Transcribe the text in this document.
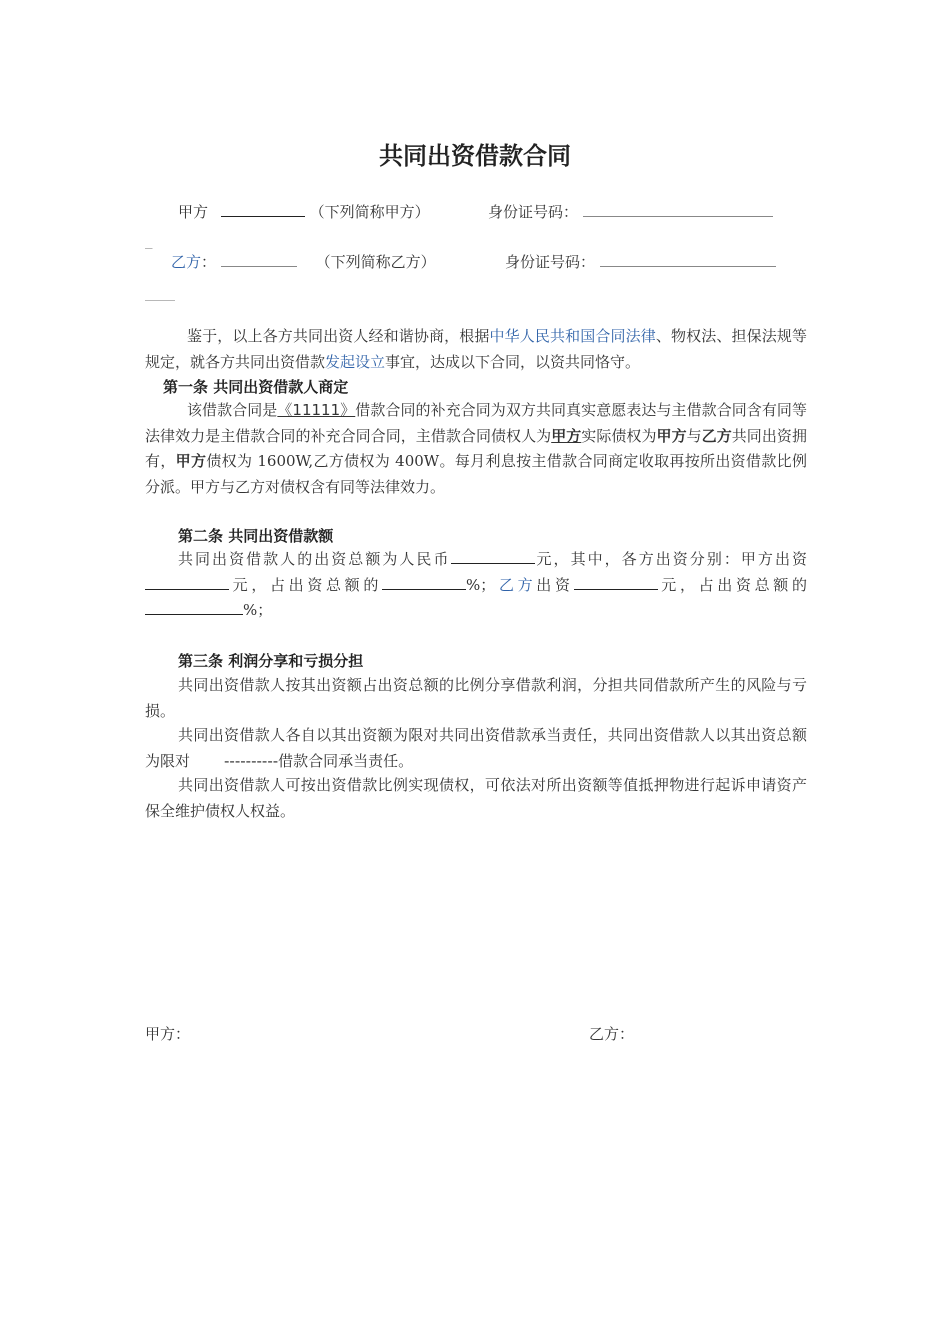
共同出资借款合同
甲方	（下列简称甲方）	身份证号码：
_
乙方：	（下列简称乙方）	身份证号码：
____
鉴于，以上各方共同出资人经和谐协商，根据中华人民共和国合同法律、物权法、担保法规等规定，就各方共同出资借款发起设立事宜，达成以下合同，以资共同恪守。
第一条 共同出资借款人商定
该借款合同是《11111》借款合同的补充合同为双方共同真实意愿表达与主借款合同含有同等法律效力是主借款合同的补充合同合同，主借款合同债权人为甲方实际债权为甲方与乙方共同出资拥有，甲方债权为 1600W,乙方债权为 400W。每月利息按主借款合同商定收取再按所出资借款比例分派。甲方与乙方对债权含有同等法律效力。
第二条 共同出资借款额
共同出资借款人的出资总额为人民币	元，其中，各方出资分别：甲方出资元，占出资总额的	%；乙方出资	元，占出资总额的%；
第三条 利润分享和亏损分担
共同出资借款人按其出资额占出资总额的比例分享借款利润，分担共同借款所产生的风险与亏损。
共同出资借款人各自以其出资额为限对共同出资借款承当责任，共同出资借款人以其出资总额为限对 ----------借款合同承当责任。
共同出资借款人可按出资借款比例实现债权，可依法对所出资额等值抵押物进行起诉申请资产保全维护债权人权益。
甲方：	乙方：
